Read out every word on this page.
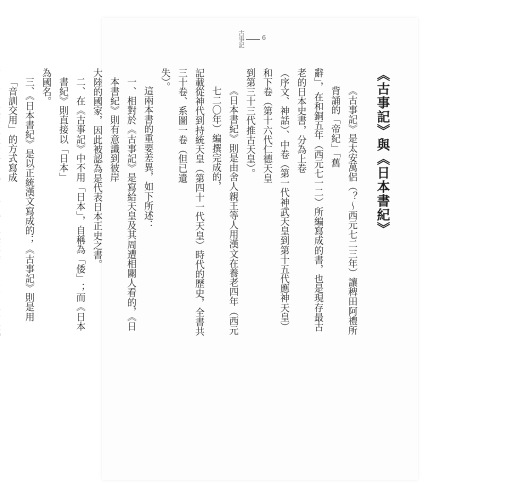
古事記	6

《古事記》與《日本書紀》

《古事記》是太安萬侶（？～西元七二三年）讓稗田阿禮所背誦的「帝紀」「舊

辭」，在和銅五年（西元七一二）所編寫成的書，也是現存最古老的日本史書，分為上卷

（序文、神話）、中卷（第一代神武天皇到第十五代應神天皇）和下卷（第十六代仁德天皇

到第三十三代推古天皇）。

《日本書紀》則是由舍人親王等人用漢文在養老四年（西元七二〇年）編撰完成的，

記載從神代到持統天皇（第四十一代天皇）時代的歷史，全書共三十卷、系圖一卷（但已遺

失）。

這兩本書的重要差異，如下所述：

一、相對於《古事記》是寫給天皇及其周遭相關人看的，《日本書紀》則有意識到彼岸

大陸的國家，因此被認為是代表日本正史之書。

二、在《古事記》中不用「日本」，自稱為「倭」；而《日本書紀》則直接以「日本」

為國名。

三、《日本書紀》是以正統漢文寫成的；《古事記》則是用「音訓交用」的方式寫成
